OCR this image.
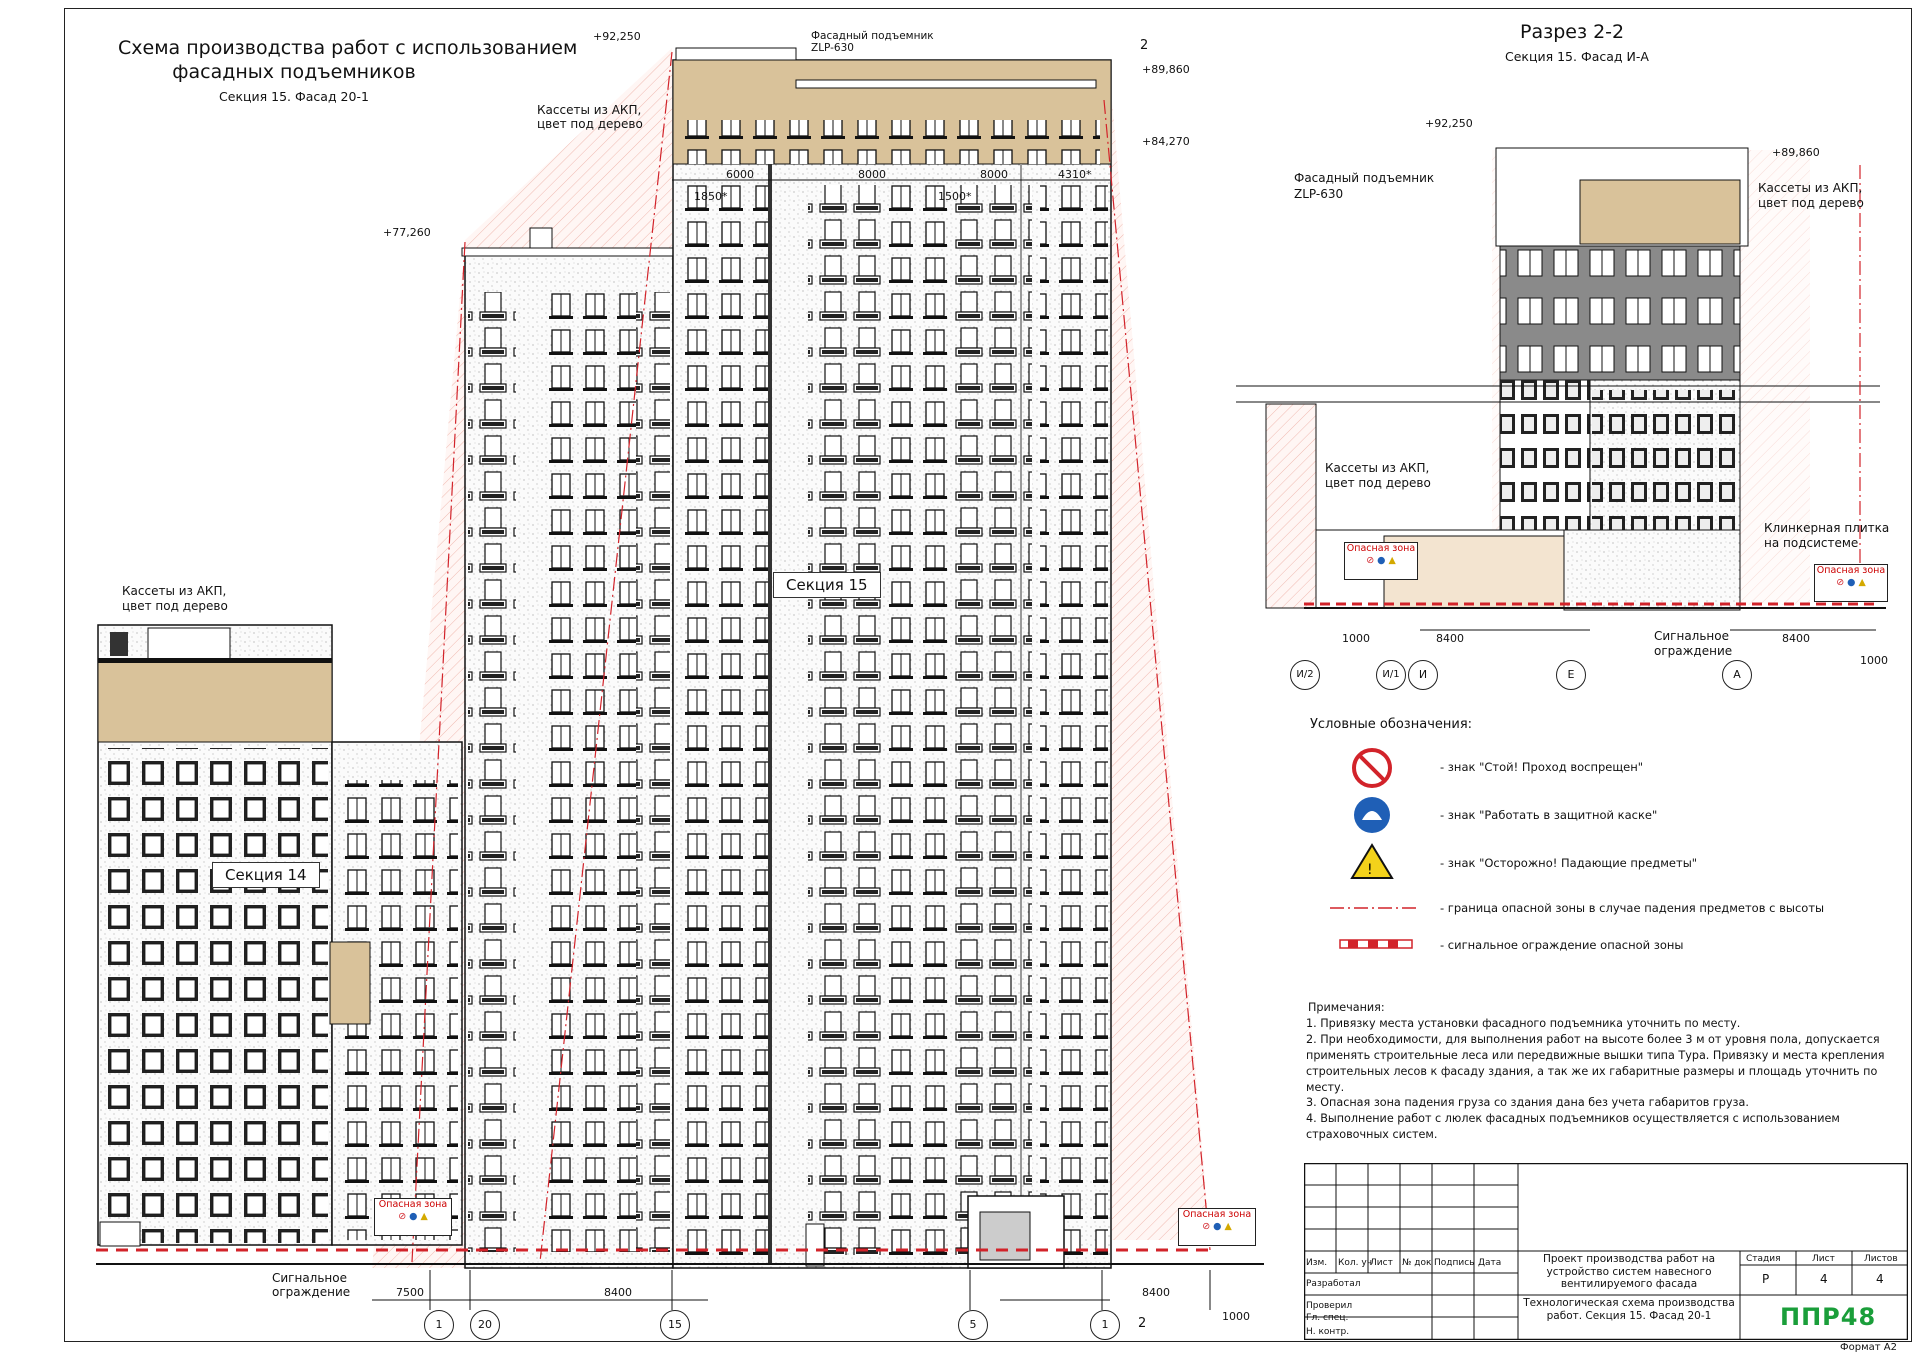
!
Схема производства работ с использованием
фасадных подъемников
Секция 15. Фасад 20-1
Секция 14
Секция 15
Кассеты из АКП,
цвет под дерево
Кассеты из АКП,
цвет под дерево
Фасадный подъемник
ZLP-630
Сигнальное
ограждение
+92,250
+89,860
+84,270
+77,260
2
2
6000	8000	8000	4310*
1850*	1500*
7500	8400	8400
1000
1	20	15	5	1
Опасная зона
⊘ ● ▲	Опасная зона
⊘ ● ▲
Разрез 2-2
Секция 15. Фасад И-А
+92,250
+89,860
Фасадный подъемник
ZLP-630	Кассеты из АКП,
цвет под дерево
Кассеты из АКП,
цвет под дерево
Клинкерная плитка
на подсистеме
Сигнальное
ограждение
Опасная зона
⊘ ● ▲
Опасная зона
⊘ ● ▲
1000	8400	8400
1000
И/2	И/1	И	Е	А
Условные обозначения:
- знак "Стой! Проход воспрещен"
- знак "Работать в защитной каске"
- знак "Осторожно! Падающие предметы"
- граница опасной зоны в случае падения предметов с высоты
- сигнальное ограждение опасной зоны
Примечания:
1. Привязку места установки фасадного подъемника уточнить по месту.
2. При необходимости, для выполнения работ на высоте более 3 м от уровня пола, допускается применять строительные леса или передвижные вышки типа Тура. Привязку и места крепления строительных лесов к фасаду здания, а так же их габаритные размеры и площадь уточнить по месту.
3. Опасная зона падения груза со здания дана без учета габаритов груза.
4. Выполнение работ с люлек фасадных подъемников осуществляется с использованием страховочных систем.
Изм. Кол. уч
Лист № док Подпись Дата
Разработал
Проверил
Гл. спец.
Н. контр.
Проект производства работ на устройство систем навесного вентилируемого фасада
Технологическая схема производства работ. Секция 15. Фасад 20-1
Стадия	Лист	Листов
Р	4	4
ППР48
Формат А2
